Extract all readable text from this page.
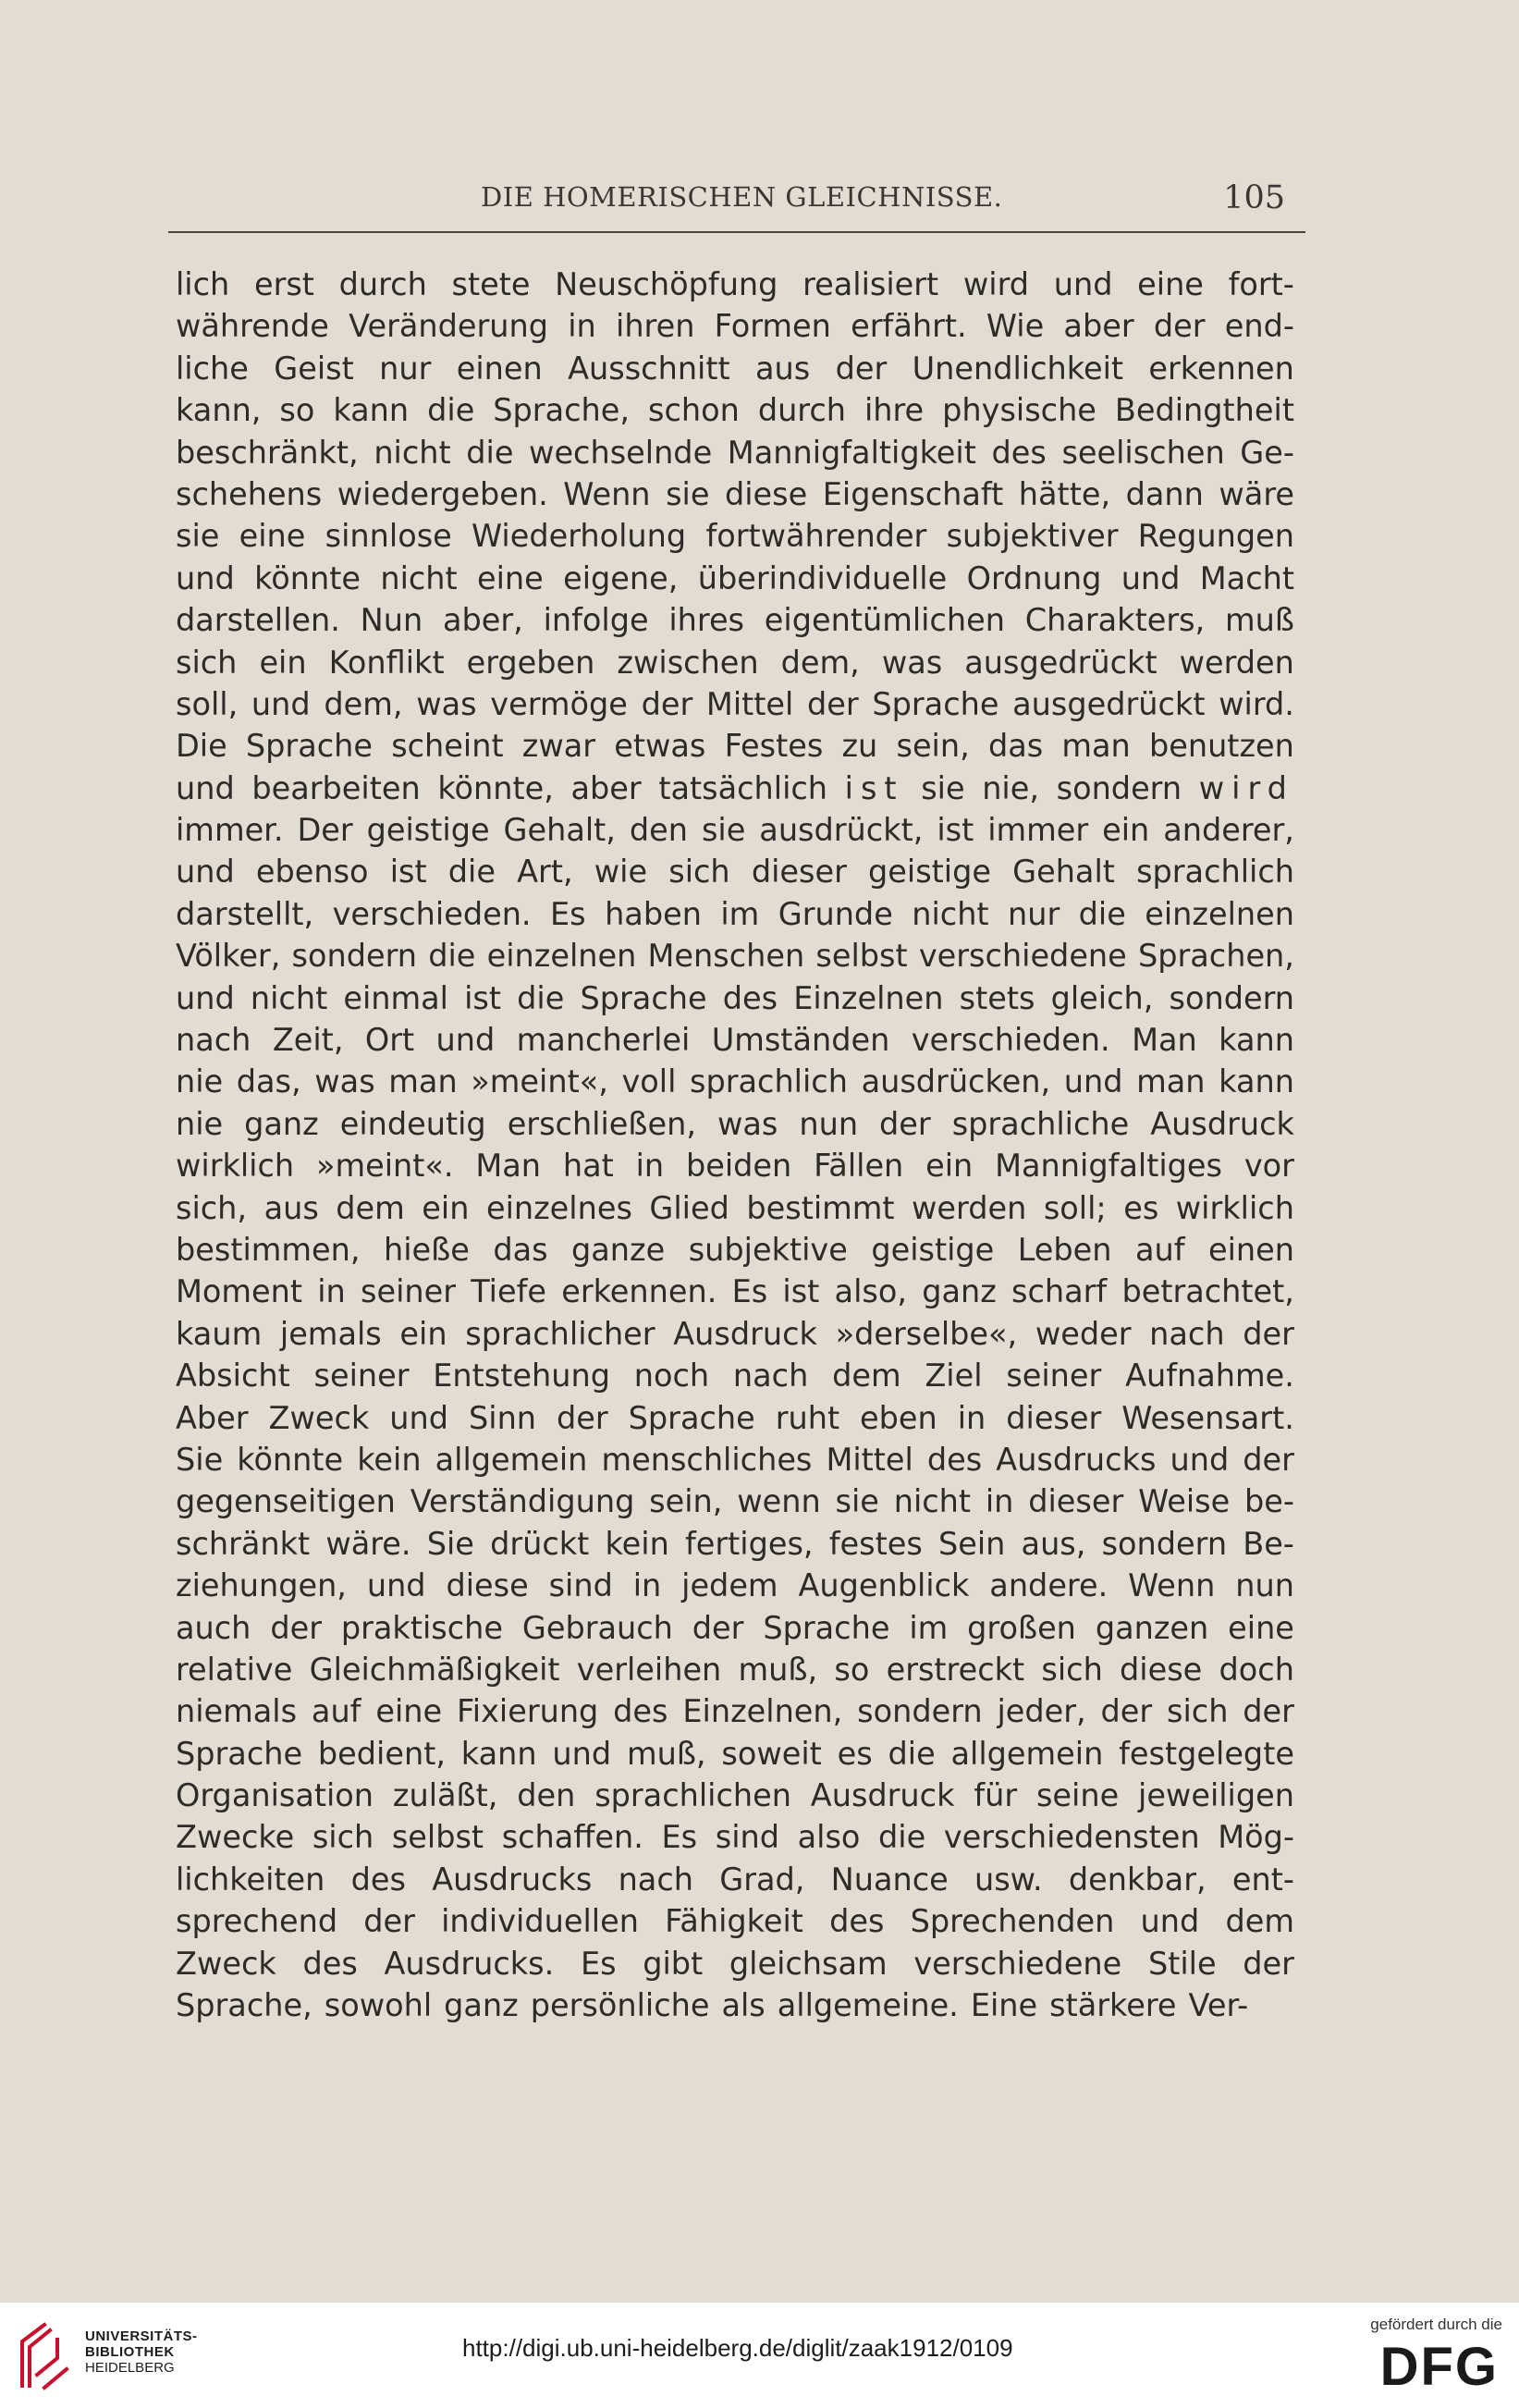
DIE HOMERISCHEN GLEICHNISSE.	105
lich erst durch stete Neuschöpfung realisiert wird und eine fort-
währende Veränderung in ihren Formen erfährt. Wie aber der end-
liche Geist nur einen Ausschnitt aus der Unendlichkeit erkennen
kann, so kann die Sprache, schon durch ihre physische Bedingtheit
beschränkt, nicht die wechselnde Mannigfaltigkeit des seelischen Ge-
schehens wiedergeben. Wenn sie diese Eigenschaft hätte, dann wäre
sie eine sinnlose Wiederholung fortwährender subjektiver Regungen
und könnte nicht eine eigene, überindividuelle Ordnung und Macht
darstellen. Nun aber, infolge ihres eigentümlichen Charakters, muß
sich ein Konflikt ergeben zwischen dem, was ausgedrückt werden
soll, und dem, was vermöge der Mittel der Sprache ausgedrückt wird.
Die Sprache scheint zwar etwas Festes zu sein, das man benutzen
und bearbeiten könnte, aber tatsächlich ist sie nie, sondern wird
immer. Der geistige Gehalt, den sie ausdrückt, ist immer ein anderer,
und ebenso ist die Art, wie sich dieser geistige Gehalt sprachlich
darstellt, verschieden. Es haben im Grunde nicht nur die einzelnen
Völker, sondern die einzelnen Menschen selbst verschiedene Sprachen,
und nicht einmal ist die Sprache des Einzelnen stets gleich, sondern
nach Zeit, Ort und mancherlei Umständen verschieden. Man kann
nie das, was man »meint«, voll sprachlich ausdrücken, und man kann
nie ganz eindeutig erschließen, was nun der sprachliche Ausdruck
wirklich »meint«. Man hat in beiden Fällen ein Mannigfaltiges vor
sich, aus dem ein einzelnes Glied bestimmt werden soll; es wirklich
bestimmen, hieße das ganze subjektive geistige Leben auf einen
Moment in seiner Tiefe erkennen. Es ist also, ganz scharf betrachtet,
kaum jemals ein sprachlicher Ausdruck »derselbe«, weder nach der
Absicht seiner Entstehung noch nach dem Ziel seiner Aufnahme.
Aber Zweck und Sinn der Sprache ruht eben in dieser Wesensart.
Sie könnte kein allgemein menschliches Mittel des Ausdrucks und der
gegenseitigen Verständigung sein, wenn sie nicht in dieser Weise be-
schränkt wäre. Sie drückt kein fertiges, festes Sein aus, sondern Be-
ziehungen, und diese sind in jedem Augenblick andere. Wenn nun
auch der praktische Gebrauch der Sprache im großen ganzen eine
relative Gleichmäßigkeit verleihen muß, so erstreckt sich diese doch
niemals auf eine Fixierung des Einzelnen, sondern jeder, der sich der
Sprache bedient, kann und muß, soweit es die allgemein festgelegte
Organisation zuläßt, den sprachlichen Ausdruck für seine jeweiligen
Zwecke sich selbst schaffen. Es sind also die verschiedensten Mög-
lichkeiten des Ausdrucks nach Grad, Nuance usw. denkbar, ent-
sprechend der individuellen Fähigkeit des Sprechenden und dem
Zweck des Ausdrucks. Es gibt gleichsam verschiedene Stile der
Sprache, sowohl ganz persönliche als allgemeine. Eine stärkere Ver-
UNIVERSITÄTS-
BIBLIOTHEK
HEIDELBERG
http://digi.ub.uni-heidelberg.de/diglit/zaak1912/0109
gefördert durch die
DFG
